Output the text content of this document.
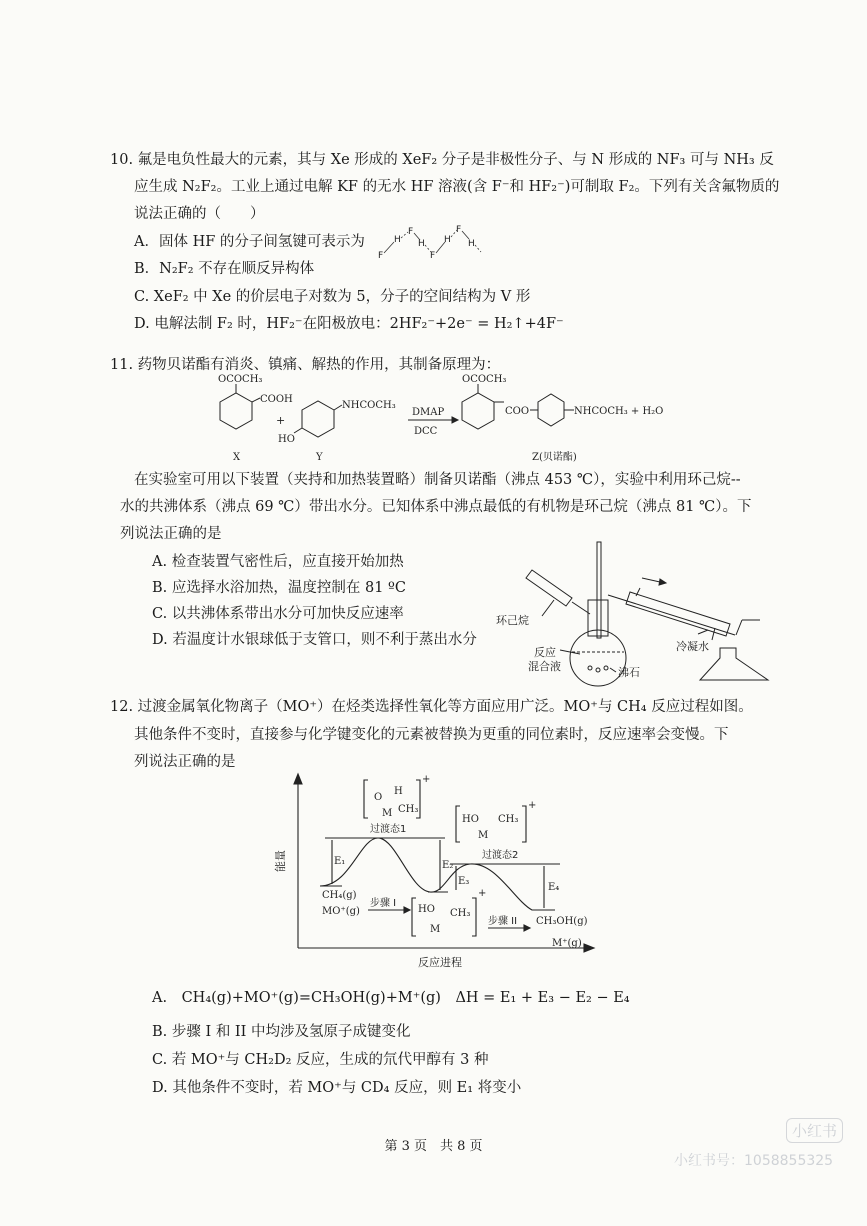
10. 氟是电负性最大的元素，其与 Xe 形成的 XeF₂ 分子是非极性分子、与 N 形成的 NF₃ 可与 NH₃ 反
应生成 N₂F₂。工业上通过电解 KF 的无水 HF 溶液(含 F⁻和 HF₂⁻)可制取 F₂。下列有关含氟物质的
说法正确的（　　）
A．固体 HF 的分子间氢键可表示为
F
H
F
H
F
H
F
H
B．N₂F₂ 不存在顺反异构体
C. XeF₂ 中 Xe 的价层电子对数为 5，分子的空间结构为 V 形
D. 电解法制 F₂ 时，HF₂⁻在阳极放电：2HF₂⁻+2e⁻ = H₂↑+4F⁻
11. 药物贝诺酯有消炎、镇痛、解热的作用，其制备原理为：
OCOCH₃
COOH
+
NHCOCH₃
HO
DMAP
DCC
OCOCH₃
COO	NHCOCH₃ + H₂O
X	Y	Z(贝诺酯)
在实验室可用以下装置（夹持和加热装置略）制备贝诺酯（沸点 453 ℃），实验中利用环己烷--
水的共沸体系（沸点 69 ℃）带出水分。已知体系中沸点最低的有机物是环己烷（沸点 81 ℃）。下
列说法正确的是
A. 检查装置气密性后，应直接开始加热
B. 应选择水浴加热，温度控制在 81 ºC
C. 以共沸体系带出水分可加快反应速率
D. 若温度计水银球低于支管口，则不利于蒸出水分
环己烷
冷凝水
反应
混合液	沸石
12. 过渡金属氧化物离子（MO⁺）在烃类选择性氧化等方面应用广泛。MO⁺与 CH₄ 反应过程如图。
其他条件不变时，直接参与化学键变化的元素被替换为更重的同位素时，反应速率会变慢。下
列说法正确的是
能量
反应进程
O
H
M CH₃
+
过渡态1
HO
M
CH₃
+
过渡态2
HO
M
CH₃
+
CH₄(g)
MO⁺(g)
步骤 I
步骤 II CH₃OH(g)
M⁺(g)
E₁	E₂
E₃
E₄
A.　CH₄(g)+MO⁺(g)=CH₃OH(g)+M⁺(g)　ΔH = E₁ + E₃ − E₂ − E₄
B. 步骤 I 和 II 中均涉及氢原子成键变化
C. 若 MO⁺与 CH₂D₂ 反应，生成的氘代甲醇有 3 种
D. 其他条件不变时，若 MO⁺与 CD₄ 反应，则 E₁ 将变小
第 3 页　共 8 页
小红书
小红书号：1058855325
